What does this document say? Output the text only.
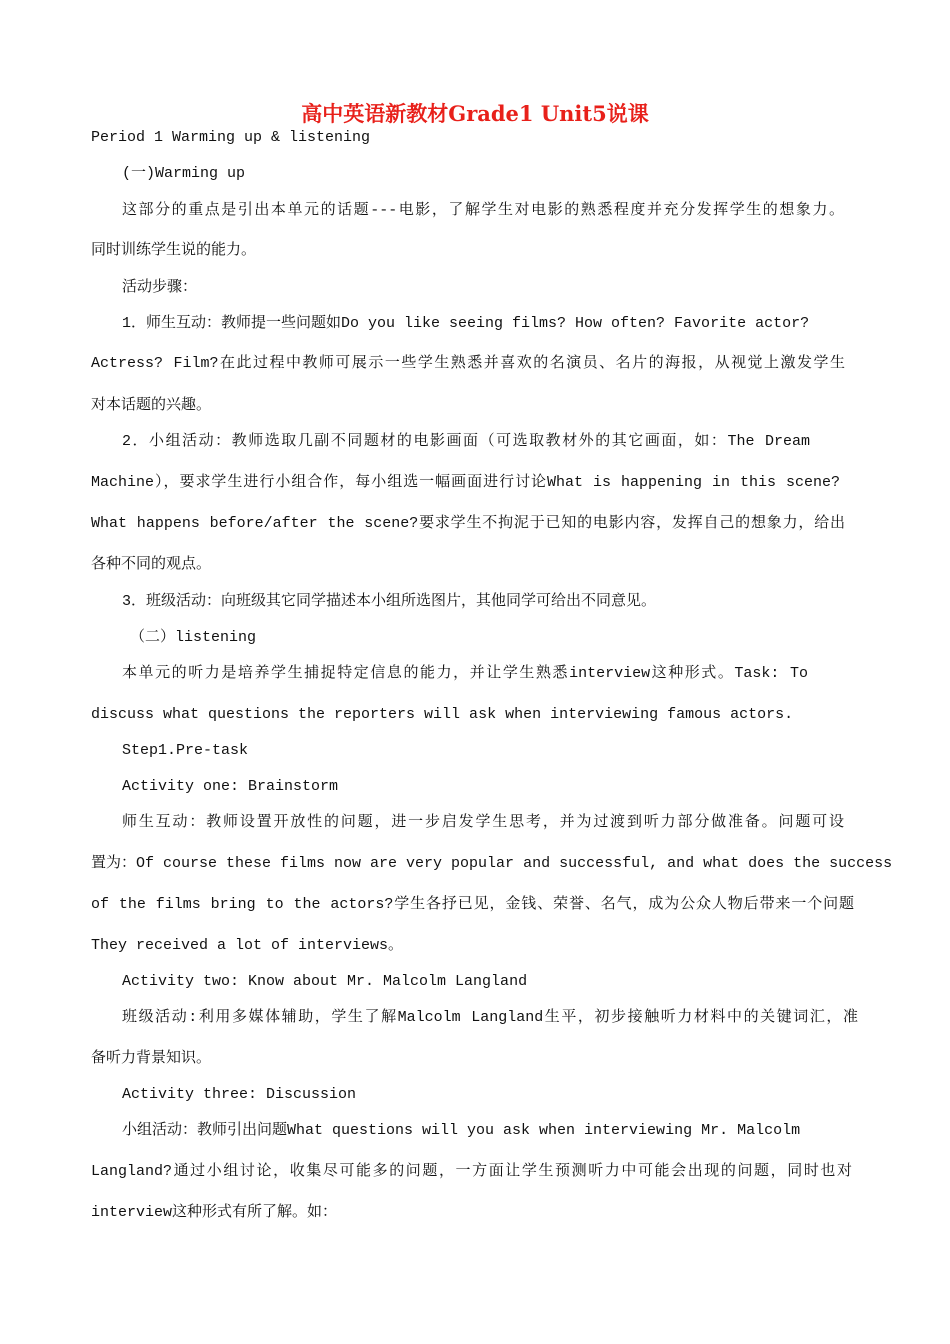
高中英语新教材Grade1 Unit5说课
Period 1 Warming up & listening
(一)Warming up
这部分的重点是引出本单元的话题---电影，了解学生对电影的熟悉程度并充分发挥学生的想象力。
同时训练学生说的能力。
活动步骤：
1．师生互动：教师提一些问题如Do you like seeing films? How often? Favorite actor?
Actress? Film?在此过程中教师可展示一些学生熟悉并喜欢的名演员、名片的海报，从视觉上激发学生
对本话题的兴趣。
2．小组活动：教师选取几副不同题材的电影画面（可选取教材外的其它画面，如：The Dream
Machine），要求学生进行小组合作，每小组选一幅画面进行讨论What is happening in this scene?
What happens before/after the scene?要求学生不拘泥于已知的电影内容，发挥自己的想象力，给出
各种不同的观点。
3．班级活动：向班级其它同学描述本小组所选图片，其他同学可给出不同意见。
（二）listening
本单元的听力是培养学生捕捉特定信息的能力，并让学生熟悉interview这种形式。Task: To
discuss what questions the reporters will ask when interviewing famous actors.
Step1.Pre-task
Activity one: Brainstorm
师生互动：教师设置开放性的问题，进一步启发学生思考，并为过渡到听力部分做准备。问题可设
置为：Of course these films now are very popular and successful, and what does the success
of the films bring to the actors?学生各抒已见，金钱、荣誉、名气，成为公众人物后带来一个问题
They received a lot of interviews。
Activity two: Know about Mr. Malcolm Langland
班级活动:利用多媒体辅助，学生了解Malcolm Langland生平，初步接触听力材料中的关键词汇，准
备听力背景知识。
Activity three: Discussion
小组活动：教师引出问题What questions will you ask when interviewing Mr. Malcolm
Langland?通过小组讨论，收集尽可能多的问题，一方面让学生预测听力中可能会出现的问题，同时也对
interview这种形式有所了解。如：
